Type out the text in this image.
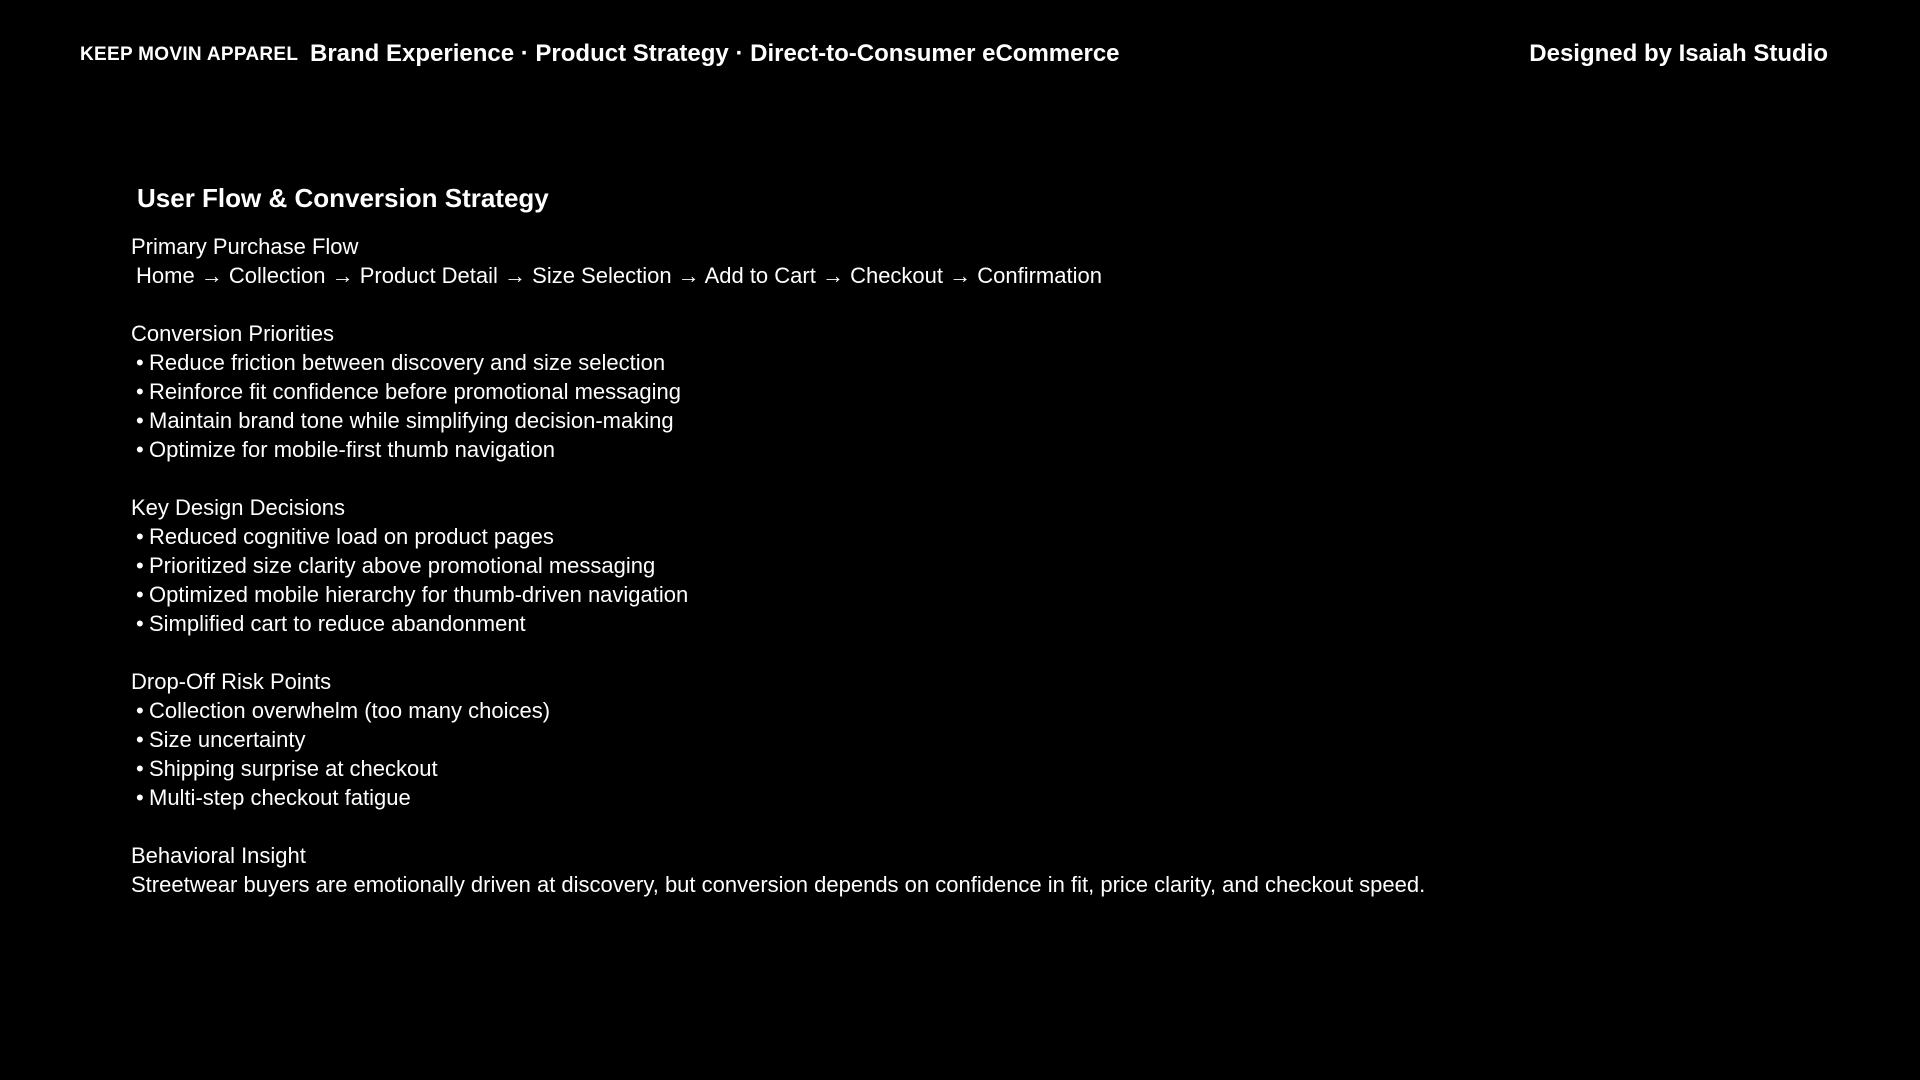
KEEP MOVIN APPAREL Brand Experience · Product Strategy · Direct-to-Consumer eCommerce	Designed by Isaiah Studio
User Flow & Conversion Strategy
Primary Purchase Flow
Home → Collection → Product Detail → Size Selection → Add to Cart → Checkout → Confirmation
Conversion Priorities
• Reduce friction between discovery and size selection
• Reinforce fit confidence before promotional messaging
• Maintain brand tone while simplifying decision-making
• Optimize for mobile-first thumb navigation
Key Design Decisions
• Reduced cognitive load on product pages
• Prioritized size clarity above promotional messaging
• Optimized mobile hierarchy for thumb-driven navigation
• Simplified cart to reduce abandonment
Drop-Off Risk Points
• Collection overwhelm (too many choices)
• Size uncertainty
• Shipping surprise at checkout
• Multi-step checkout fatigue
Behavioral Insight
Streetwear buyers are emotionally driven at discovery, but conversion depends on confidence in fit, price clarity, and checkout speed.
